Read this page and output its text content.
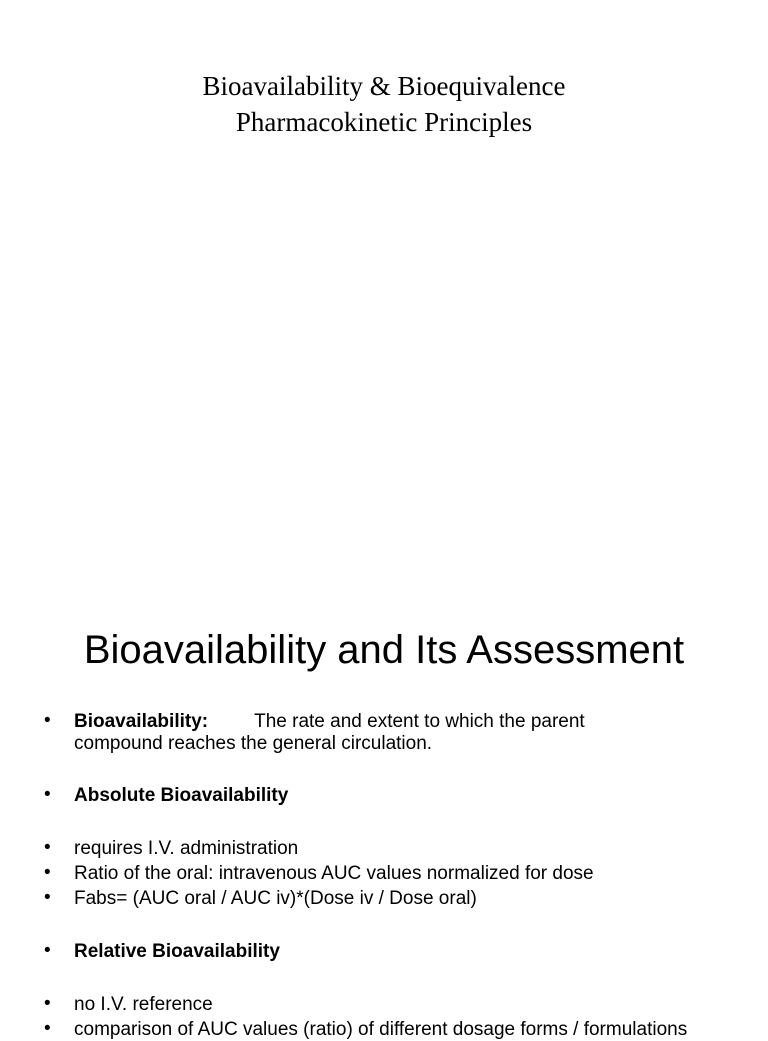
Bioavailability & Bioequivalence
Pharmacokinetic Principles
Bioavailability and Its Assessment
• Bioavailability: The rate and extent to which the parent
compound reaches the general circulation.
• Absolute Bioavailability
• requires I.V. administration
• Ratio of the oral: intravenous AUC values normalized for dose
• Fabs= (AUC oral / AUC iv)*(Dose iv / Dose oral)
• Relative Bioavailability
• no I.V. reference
• comparison of AUC values (ratio) of different dosage forms / formulations
